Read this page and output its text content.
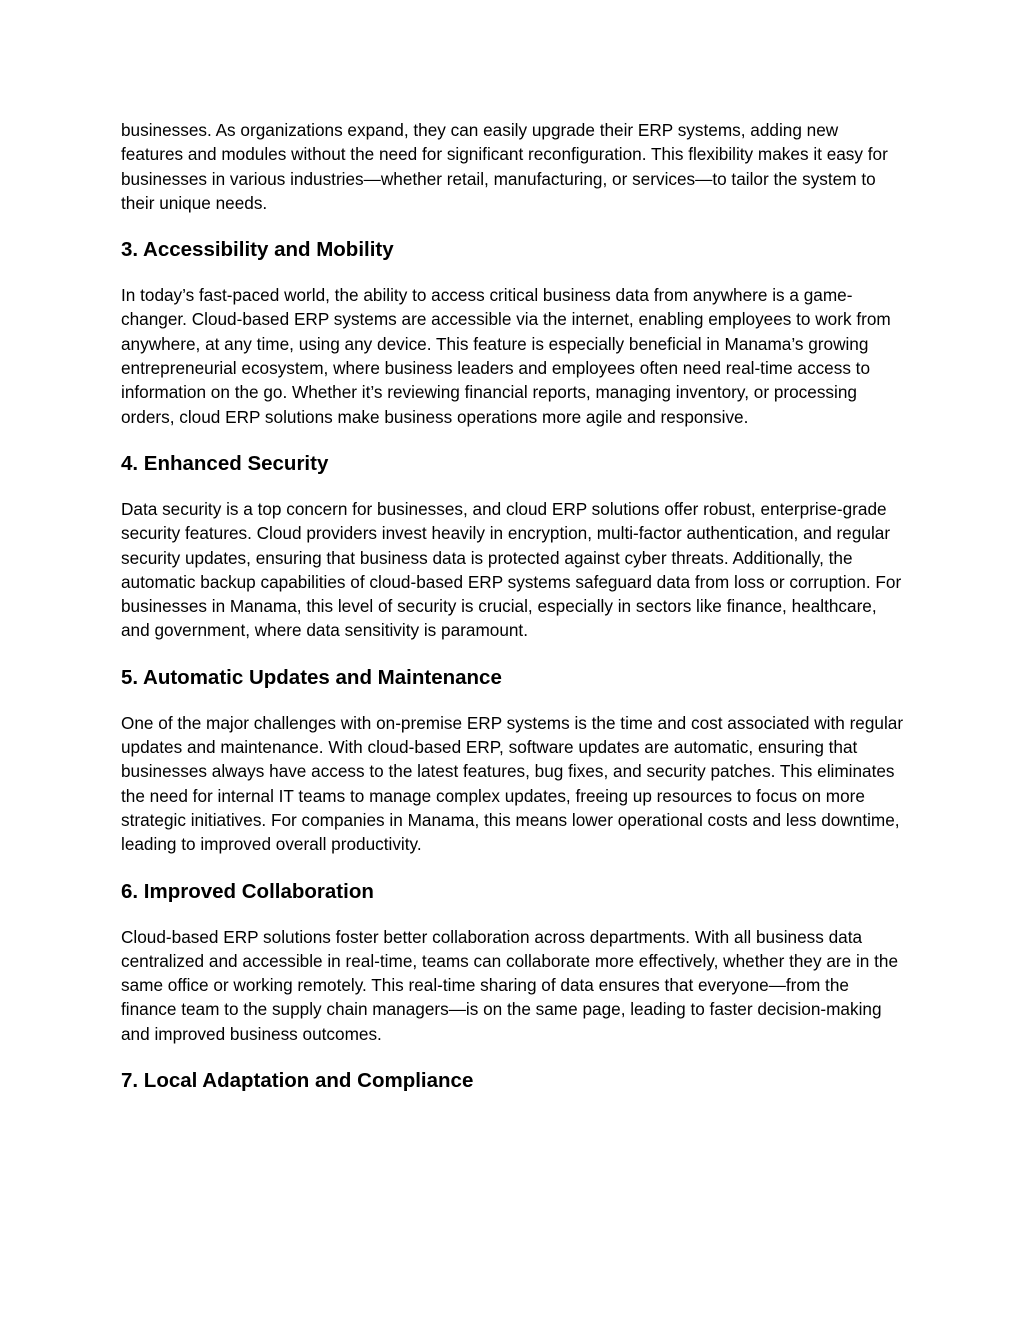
businesses. As organizations expand, they can easily upgrade their ERP systems, adding new features and modules without the need for significant reconfiguration. This flexibility makes it easy for businesses in various industries—whether retail, manufacturing, or services—to tailor the system to their unique needs.

3. Accessibility and Mobility

In today’s fast-paced world, the ability to access critical business data from anywhere is a game-changer. Cloud-based ERP systems are accessible via the internet, enabling employees to work from anywhere, at any time, using any device. This feature is especially beneficial in Manama’s growing entrepreneurial ecosystem, where business leaders and employees often need real-time access to information on the go. Whether it’s reviewing financial reports, managing inventory, or processing orders, cloud ERP solutions make business operations more agile and responsive.

4. Enhanced Security

Data security is a top concern for businesses, and cloud ERP solutions offer robust, enterprise-grade security features. Cloud providers invest heavily in encryption, multi-factor authentication, and regular security updates, ensuring that business data is protected against cyber threats. Additionally, the automatic backup capabilities of cloud-based ERP systems safeguard data from loss or corruption. For businesses in Manama, this level of security is crucial, especially in sectors like finance, healthcare, and government, where data sensitivity is paramount.

5. Automatic Updates and Maintenance

One of the major challenges with on-premise ERP systems is the time and cost associated with regular updates and maintenance. With cloud-based ERP, software updates are automatic, ensuring that businesses always have access to the latest features, bug fixes, and security patches. This eliminates the need for internal IT teams to manage complex updates, freeing up resources to focus on more strategic initiatives. For companies in Manama, this means lower operational costs and less downtime, leading to improved overall productivity.

6. Improved Collaboration

Cloud-based ERP solutions foster better collaboration across departments. With all business data centralized and accessible in real-time, teams can collaborate more effectively, whether they are in the same office or working remotely. This real-time sharing of data ensures that everyone—from the finance team to the supply chain managers—is on the same page, leading to faster decision-making and improved business outcomes.

7. Local Adaptation and Compliance
